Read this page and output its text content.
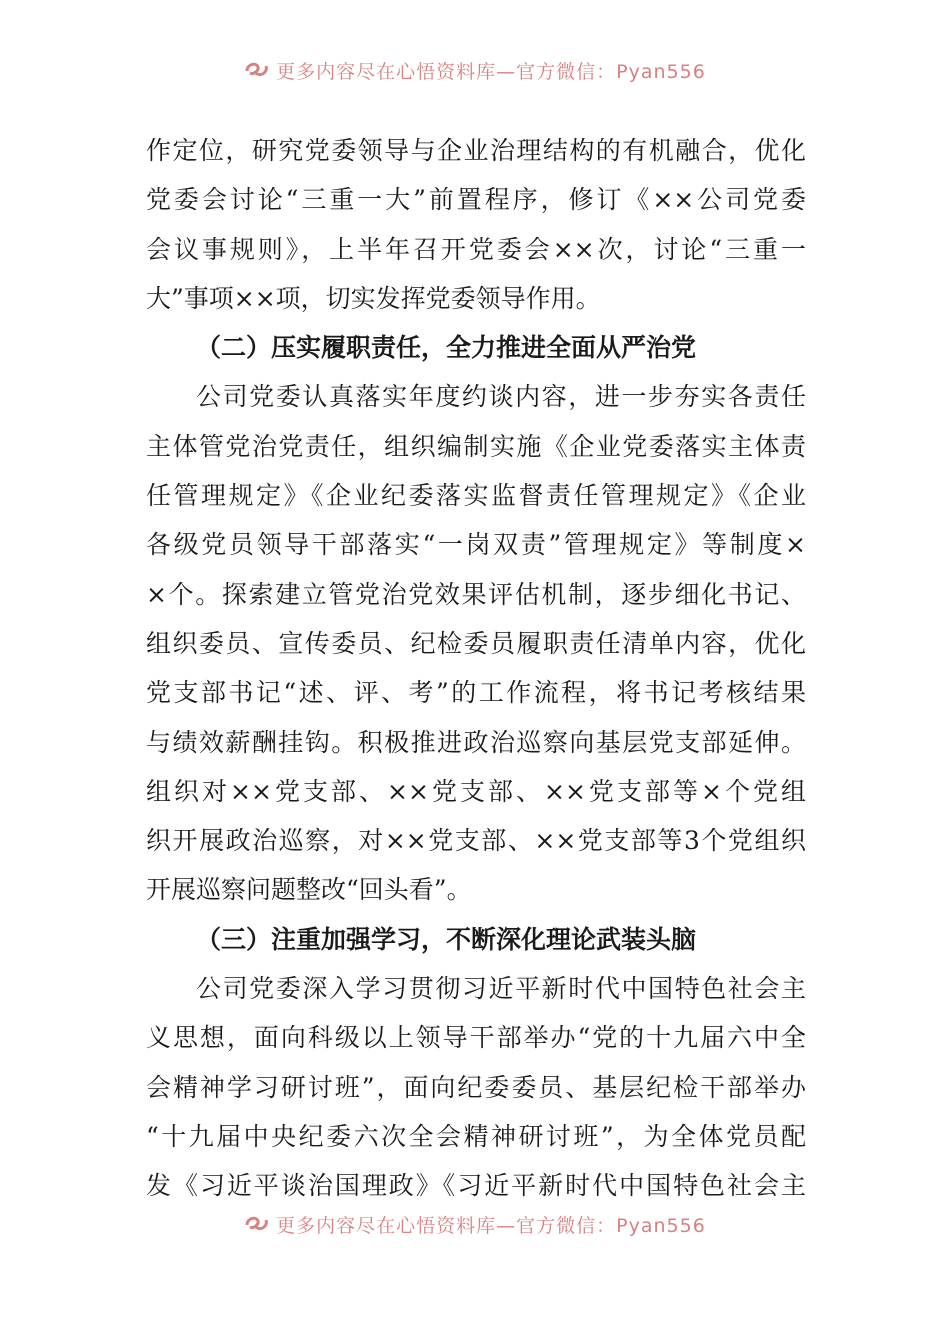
更多内容尽在心悟资料库—官方微信：Pyan556
作定位，研究党委领导与企业治理结构的有机融合，优化
党委会讨论“三重一大”前置程序，修订《××公司党委
会议事规则》，上半年召开党委会××次，讨论“三重一
大”事项××项，切实发挥党委领导作用。
（二）压实履职责任，全力推进全面从严治党
公司党委认真落实年度约谈内容，进一步夯实各责任
主体管党治党责任，组织编制实施《企业党委落实主体责
任管理规定》《企业纪委落实监督责任管理规定》《企业
各级党员领导干部落实“一岗双责”管理规定》等制度×
×个。探索建立管党治党效果评估机制，逐步细化书记、
组织委员、宣传委员、纪检委员履职责任清单内容，优化
党支部书记“述、评、考”的工作流程，将书记考核结果
与绩效薪酬挂钩。积极推进政治巡察向基层党支部延伸。
组织对××党支部、××党支部、××党支部等×个党组
织开展政治巡察，对××党支部、××党支部等3个党组织
开展巡察问题整改“回头看”。
（三）注重加强学习，不断深化理论武装头脑
公司党委深入学习贯彻习近平新时代中国特色社会主
义思想，面向科级以上领导干部举办“党的十九届六中全
会精神学习研讨班”，面向纪委委员、基层纪检干部举办
“十九届中央纪委六次全会精神研讨班”，为全体党员配
发《习近平谈治国理政》《习近平新时代中国特色社会主
更多内容尽在心悟资料库—官方微信：Pyan556
